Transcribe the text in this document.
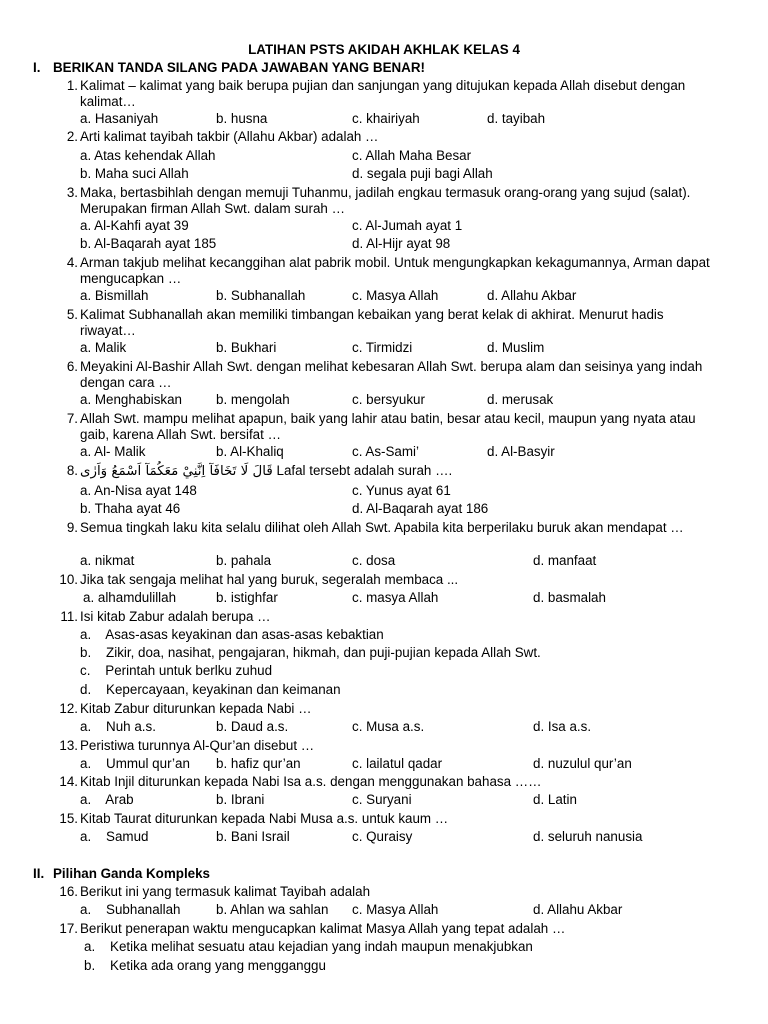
LATIHAN PSTS AKIDAH AKHLAK KELAS 4
I. BERIKAN TANDA SILANG PADA JAWABAN YANG BENAR!
1. Kalimat – kalimat yang baik berupa pujian dan sanjungan yang ditujukan kepada Allah disebut dengan kalimat…
a. Hasaniyah	b. husna	c. khairiyah	d. tayibah
2. Arti kalimat tayibah takbir (Allahu Akbar) adalah …
a. Atas kehendak Allah	c. Allah Maha Besar
b. Maha suci Allah	d. segala puji bagi Allah
3. Maka, bertasbihlah dengan memuji Tuhanmu, jadilah engkau termasuk orang-orang yang sujud (salat). Merupakan firman Allah Swt. dalam surah …
a. Al-Kahfi ayat 39	c. Al-Jumah ayat 1
b. Al-Baqarah ayat 185	d. Al-Hijr ayat 98
4. Arman takjub melihat kecanggihan alat pabrik mobil. Untuk mengungkapkan kekagumannya, Arman dapat mengucapkan …
a. Bismillah	b. Subhanallah	c. Masya Allah	d. Allahu Akbar
5. Kalimat Subhanallah akan memiliki timbangan kebaikan yang berat kelak di akhirat. Menurut hadis riwayat…
a. Malik	b. Bukhari	c. Tirmidzi	d. Muslim
6. Meyakini Al-Bashir Allah Swt. dengan melihat kebesaran Allah Swt. berupa alam dan seisinya yang indah dengan cara …
a. Menghabiskan	b. mengolah	c. bersyukur	d. merusak
7. Allah Swt. mampu melihat apapun, baik yang lahir atau batin, besar atau kecil, maupun yang nyata atau gaib, karena Allah Swt. bersifat …
a. Al- Malik	b. Al-Khaliq	c. As-Sami’	d. Al-Basyir
8. قَالَ لَا تَخَافَآ اِنَّنِيْ مَعَكُمَآ اَسْمَعُ وَاَرٰى Lafal tersebt adalah surah ….
a. An-Nisa ayat 148	c. Yunus ayat 61
b. Thaha ayat 46	d. Al-Baqarah ayat 186
9. Semua tingkah laku kita selalu dilihat oleh Allah Swt. Apabila kita berperilaku buruk akan mendapat …
a. nikmat	b. pahala	c. dosa	d. manfaat
10. Jika tak sengaja melihat hal yang buruk, segeralah membaca ...
a. alhamdulillah	b. istighfar	c. masya Allah	d. basmalah
11. Isi kitab Zabur adalah berupa …
a.    Asas-asas keyakinan dan asas-asas kebaktian
b.    Zikir, doa, nasihat, pengajaran, hikmah, dan puji-pujian kepada Allah Swt.
c.    Perintah untuk berlku zuhud
d.    Kepercayaan, keyakinan dan keimanan
12. Kitab Zabur diturunkan kepada Nabi …
a.    Nuh a.s.	b. Daud a.s.	c. Musa a.s.	d. Isa a.s.
13. Peristiwa turunnya Al-Qur’an disebut …
a.    Ummul qur’an b. hafiz qur’an	c. lailatul qadar	d. nuzulul qur’an
14. Kitab Injil diturunkan kepada Nabi Isa a.s. dengan menggunakan bahasa ……
a.    Arab	b. Ibrani	c. Suryani	d. Latin
15. Kitab Taurat diturunkan kepada Nabi Musa a.s. untuk kaum …
a.    Samud	b. Bani Israil	c. Quraisy	d. seluruh nanusia
II. Pilihan Ganda Kompleks
16. Berikut ini yang termasuk kalimat Tayibah adalah
a.    Subhanallah	b. Ahlan wa sahlan c. Masya Allah	d. Allahu Akbar
17. Berikut penerapan waktu mengucapkan kalimat Masya Allah yang tepat adalah …
a.    Ketika melihat sesuatu atau kejadian yang indah maupun menakjubkan
b.    Ketika ada orang yang mengganggu
